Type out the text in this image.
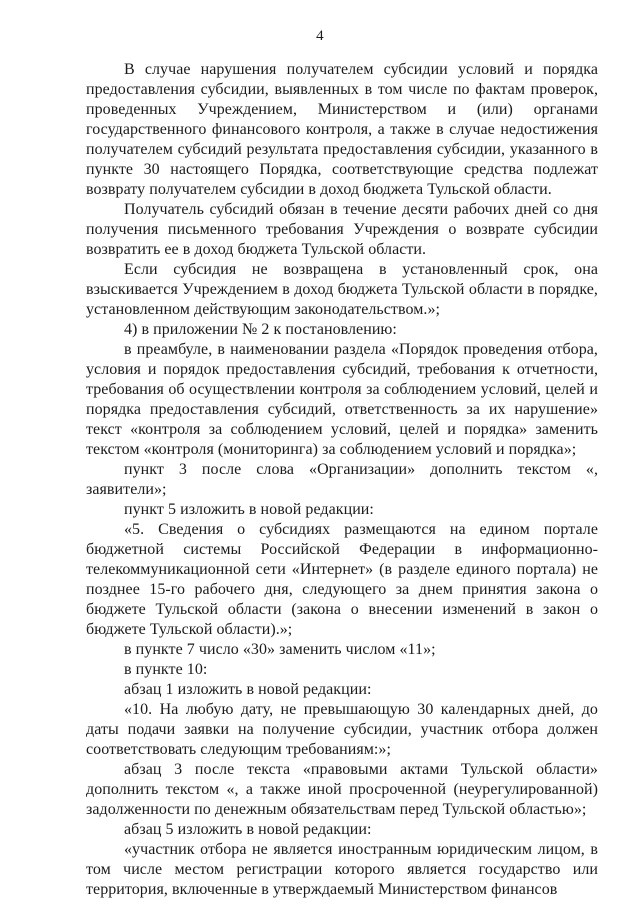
4

В случае нарушения получателем субсидии условий и порядка предоставления субсидии, выявленных в том числе по фактам проверок, проведенных Учреждением, Министерством и (или) органами государственного финансового контроля, а также в случае недостижения получателем субсидий результата предоставления субсидии, указанного в пункте 30 настоящего Порядка, соответствующие средства подлежат возврату получателем субсидии в доход бюджета Тульской области.

Получатель субсидий обязан в течение десяти рабочих дней со дня получения письменного требования Учреждения о возврате субсидии возвратить ее в доход бюджета Тульской области.

Если субсидия не возвращена в установленный срок, она взыскивается Учреждением в доход бюджета Тульской области в порядке, установленном действующим законодательством.»;

4) в приложении № 2 к постановлению:

в преамбуле, в наименовании раздела «Порядок проведения отбора, условия и порядок предоставления субсидий, требования к отчетности, требования об осуществлении контроля за соблюдением условий, целей и порядка предоставления субсидий, ответственность за их нарушение» текст «контроля за соблюдением условий, целей и порядка» заменить текстом «контроля (мониторинга) за соблюдением условий и порядка»;

пункт 3 после слова «Организации» дополнить текстом «, заявители»;

пункт 5 изложить в новой редакции:

«5. Сведения о субсидиях размещаются на едином портале бюджетной системы Российской Федерации в информационно-телекоммуникационной сети «Интернет» (в разделе единого портала) не позднее 15-го рабочего дня, следующего за днем принятия закона о бюджете Тульской области (закона о внесении изменений в закон о бюджете Тульской области).»;

в пункте 7 число «30» заменить числом «11»;

в пункте 10:

абзац 1 изложить в новой редакции:

«10. На любую дату, не превышающую 30 календарных дней, до даты подачи заявки на получение субсидии, участник отбора должен соответствовать следующим требованиям:»;

абзац 3 после текста «правовыми актами Тульской области» дополнить текстом «, а также иной просроченной (неурегулированной) задолженности по денежным обязательствам перед Тульской областью»;

абзац 5 изложить в новой редакции:

«участник отбора не является иностранным юридическим лицом, в том числе местом регистрации которого является государство или территория, включенные в утверждаемый Министерством финансов
